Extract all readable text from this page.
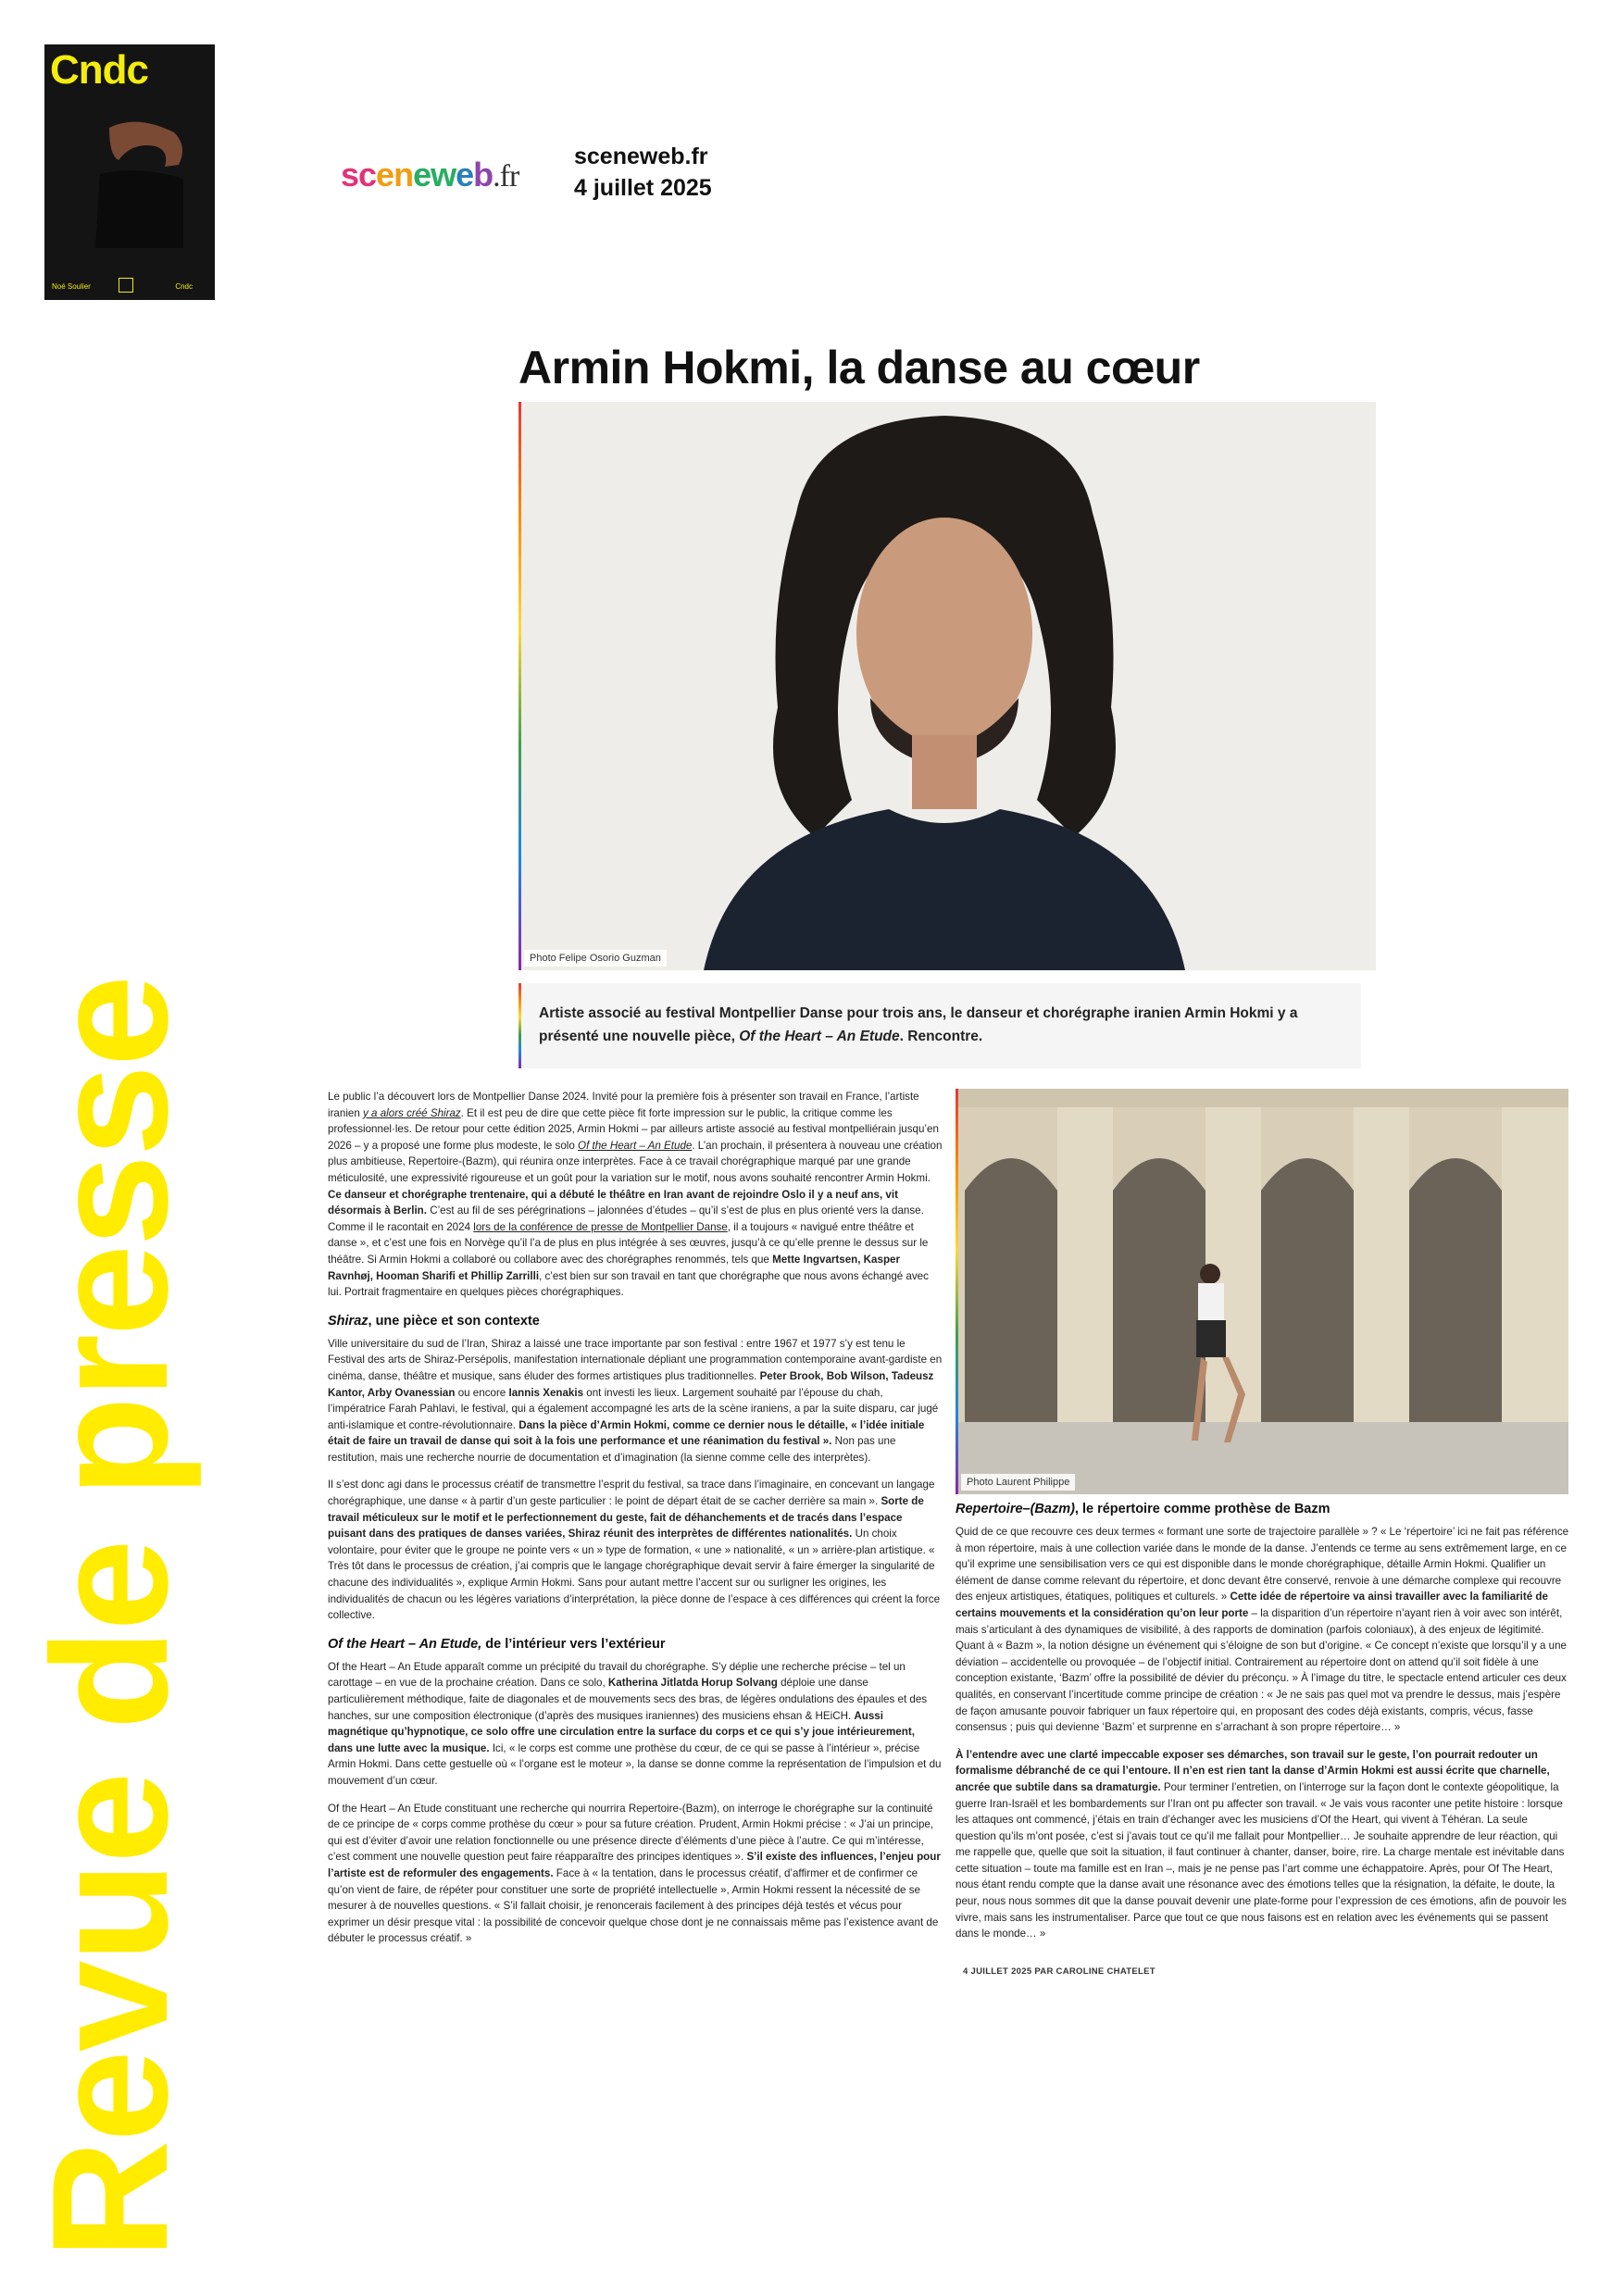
Cndc
Noé Soulier	Cndc
Revue de presse
sceneweb.fr
sceneweb.fr
4 juillet 2025
Armin Hokmi, la danse au cœur
Photo Felipe Osorio Guzman

Artiste associé au festival Montpellier Danse pour trois ans, le danseur et chorégraphe iranien Armin Hokmi y a présenté une nouvelle pièce, Of the Heart – An Etude. Rencontre.

Le public l’a découvert lors de Montpellier Danse 2024. Invité pour la première fois à présenter son travail en France, l’artiste iranien y a alors créé Shiraz. Et il est peu de dire que cette pièce fit forte impression sur le public, la critique comme les professionnel·les. De retour pour cette édition 2025, Armin Hokmi – par ailleurs artiste associé au festival montpelliérain jusqu’en 2026 – y a proposé une forme plus modeste, le solo Of the Heart – An Etude. L’an prochain, il présentera à nouveau une création plus ambitieuse, Repertoire-(Bazm), qui réunira onze interprètes. Face à ce travail chorégraphique marqué par une grande méticulosité, une expressivité rigoureuse et un goût pour la variation sur le motif, nous avons souhaité rencontrer Armin Hokmi. Ce danseur et chorégraphe trentenaire, qui a débuté le théâtre en Iran avant de rejoindre Oslo il y a neuf ans, vit désormais à Berlin. C’est au fil de ses pérégrinations – jalonnées d’études – qu’il s’est de plus en plus orienté vers la danse. Comme il le racontait en 2024 lors de la conférence de presse de Montpellier Danse, il a toujours « navigué entre théâtre et danse », et c’est une fois en Norvège qu’il l’a de plus en plus intégrée à ses œuvres, jusqu’à ce qu’elle prenne le dessus sur le théâtre. Si Armin Hokmi a collaboré ou collabore avec des chorégraphes renommés, tels que Mette Ingvartsen, Kasper Ravnhøj, Hooman Sharifi et Phillip Zarrilli, c’est bien sur son travail en tant que chorégraphe que nous avons échangé avec lui. Portrait fragmentaire en quelques pièces chorégraphiques.

Shiraz, une pièce et son contexte

Ville universitaire du sud de l’Iran, Shiraz a laissé une trace importante par son festival : entre 1967 et 1977 s’y est tenu le Festival des arts de Shiraz-Persépolis, manifestation internationale dépliant une programmation contemporaine avant-gardiste en cinéma, danse, théâtre et musique, sans éluder des formes artistiques plus traditionnelles. Peter Brook, Bob Wilson, Tadeusz Kantor, Arby Ovanessian ou encore Iannis Xenakis ont investi les lieux. Largement souhaité par l’épouse du chah, l’impératrice Farah Pahlavi, le festival, qui a également accompagné les arts de la scène iraniens, a par la suite disparu, car jugé anti-islamique et contre-révolutionnaire. Dans la pièce d’Armin Hokmi, comme ce dernier nous le détaille, « l’idée initiale était de faire un travail de danse qui soit à la fois une performance et une réanimation du festival ». Non pas une restitution, mais une recherche nourrie de documentation et d’imagination (la sienne comme celle des interprètes).

Il s’est donc agi dans le processus créatif de transmettre l’esprit du festival, sa trace dans l’imaginaire, en concevant un langage chorégraphique, une danse « à partir d’un geste particulier : le point de départ était de se cacher derrière sa main ». Sorte de travail méticuleux sur le motif et le perfectionnement du geste, fait de déhanchements et de tracés dans l’espace puisant dans des pratiques de danses variées, Shiraz réunit des interprètes de différentes nationalités. Un choix volontaire, pour éviter que le groupe ne pointe vers « un » type de formation, « une » nationalité, « un » arrière-plan artistique. « Très tôt dans le processus de création, j’ai compris que le langage chorégraphique devait servir à faire émerger la singularité de chacune des individualités », explique Armin Hokmi. Sans pour autant mettre l’accent sur ou surligner les origines, les individualités de chacun ou les légères variations d’interprétation, la pièce donne de l’espace à ces différences qui créent la force collective.

Of the Heart – An Etude, de l’intérieur vers l’extérieur

Of the Heart – An Etude apparaît comme un précipité du travail du chorégraphe. S’y déplie une recherche précise – tel un carottage – en vue de la prochaine création. Dans ce solo, Katherina Jitlatda Horup Solvang déploie une danse particulièrement méthodique, faite de diagonales et de mouvements secs des bras, de légères ondulations des épaules et des hanches, sur une composition électronique (d’après des musiques iraniennes) des musiciens ehsan & HEiCH. Aussi magnétique qu’hypnotique, ce solo offre une circulation entre la surface du corps et ce qui s’y joue intérieurement, dans une lutte avec la musique. Ici, « le corps est comme une prothèse du cœur, de ce qui se passe à l’intérieur », précise Armin Hokmi. Dans cette gestuelle où « l’organe est le moteur », la danse se donne comme la représentation de l’impulsion et du mouvement d’un cœur.

Of the Heart – An Etude constituant une recherche qui nourrira Repertoire-(Bazm), on interroge le chorégraphe sur la continuité de ce principe de « corps comme prothèse du cœur » pour sa future création. Prudent, Armin Hokmi précise : « J’ai un principe, qui est d’éviter d’avoir une relation fonctionnelle ou une présence directe d’éléments d’une pièce à l’autre. Ce qui m’intéresse, c’est comment une nouvelle question peut faire réapparaître des principes identiques ». S’il existe des influences, l’enjeu pour l’artiste est de reformuler des engagements. Face à « la tentation, dans le processus créatif, d’affirmer et de confirmer ce qu’on vient de faire, de répéter pour constituer une sorte de propriété intellectuelle », Armin Hokmi ressent la nécessité de se mesurer à de nouvelles questions. « S’il fallait choisir, je renoncerais facilement à des principes déjà testés et vécus pour exprimer un désir presque vital : la possibilité de concevoir quelque chose dont je ne connaissais même pas l’existence avant de débuter le processus créatif. »

Photo Laurent Philippe
Repertoire–(Bazm), le répertoire comme prothèse de Bazm

Quid de ce que recouvre ces deux termes « formant une sorte de trajectoire parallèle » ? « Le ‘répertoire’ ici ne fait pas référence à mon répertoire, mais à une collection variée dans le monde de la danse. J’entends ce terme au sens extrêmement large, en ce qu’il exprime une sensibilisation vers ce qui est disponible dans le monde chorégraphique, détaille Armin Hokmi. Qualifier un élément de danse comme relevant du répertoire, et donc devant être conservé, renvoie à une démarche complexe qui recouvre des enjeux artistiques, étatiques, politiques et culturels. » Cette idée de répertoire va ainsi travailler avec la familiarité de certains mouvements et la considération qu’on leur porte – la disparition d’un répertoire n’ayant rien à voir avec son intérêt, mais s’articulant à des dynamiques de visibilité, à des rapports de domination (parfois coloniaux), à des enjeux de légitimité. Quant à « Bazm », la notion désigne un événement qui s’éloigne de son but d’origine. « Ce concept n’existe que lorsqu’il y a une déviation – accidentelle ou provoquée – de l’objectif initial. Contrairement au répertoire dont on attend qu’il soit fidèle à une conception existante, ‘Bazm’ offre la possibilité de dévier du préconçu. » À l’image du titre, le spectacle entend articuler ces deux qualités, en conservant l’incertitude comme principe de création : « Je ne sais pas quel mot va prendre le dessus, mais j’espère de façon amusante pouvoir fabriquer un faux répertoire qui, en proposant des codes déjà existants, compris, vécus, fasse consensus ; puis qui devienne ‘Bazm’ et surprenne en s’arrachant à son propre répertoire… »

À l’entendre avec une clarté impeccable exposer ses démarches, son travail sur le geste, l’on pourrait redouter un formalisme débranché de ce qui l’entoure. Il n’en est rien tant la danse d’Armin Hokmi est aussi écrite que charnelle, ancrée que subtile dans sa dramaturgie. Pour terminer l’entretien, on l’interroge sur la façon dont le contexte géopolitique, la guerre Iran-Israël et les bombardements sur l’Iran ont pu affecter son travail. « Je vais vous raconter une petite histoire : lorsque les attaques ont commencé, j’étais en train d’échanger avec les musiciens d’Of the Heart, qui vivent à Téhéran. La seule question qu’ils m’ont posée, c’est si j’avais tout ce qu’il me fallait pour Montpellier… Je souhaite apprendre de leur réaction, qui me rappelle que, quelle que soit la situation, il faut continuer à chanter, danser, boire, rire. La charge mentale est inévitable dans cette situation – toute ma famille est en Iran –, mais je ne pense pas l’art comme une échappatoire. Après, pour Of The Heart, nous étant rendu compte que la danse avait une résonance avec des émotions telles que la résignation, la défaite, le doute, la peur, nous nous sommes dit que la danse pouvait devenir une plate-forme pour l’expression de ces émotions, afin de pouvoir les vivre, mais sans les instrumentaliser. Parce que tout ce que nous faisons est en relation avec les événements qui se passent dans le monde… »

4 JUILLET 2025 PAR CAROLINE CHATELET
